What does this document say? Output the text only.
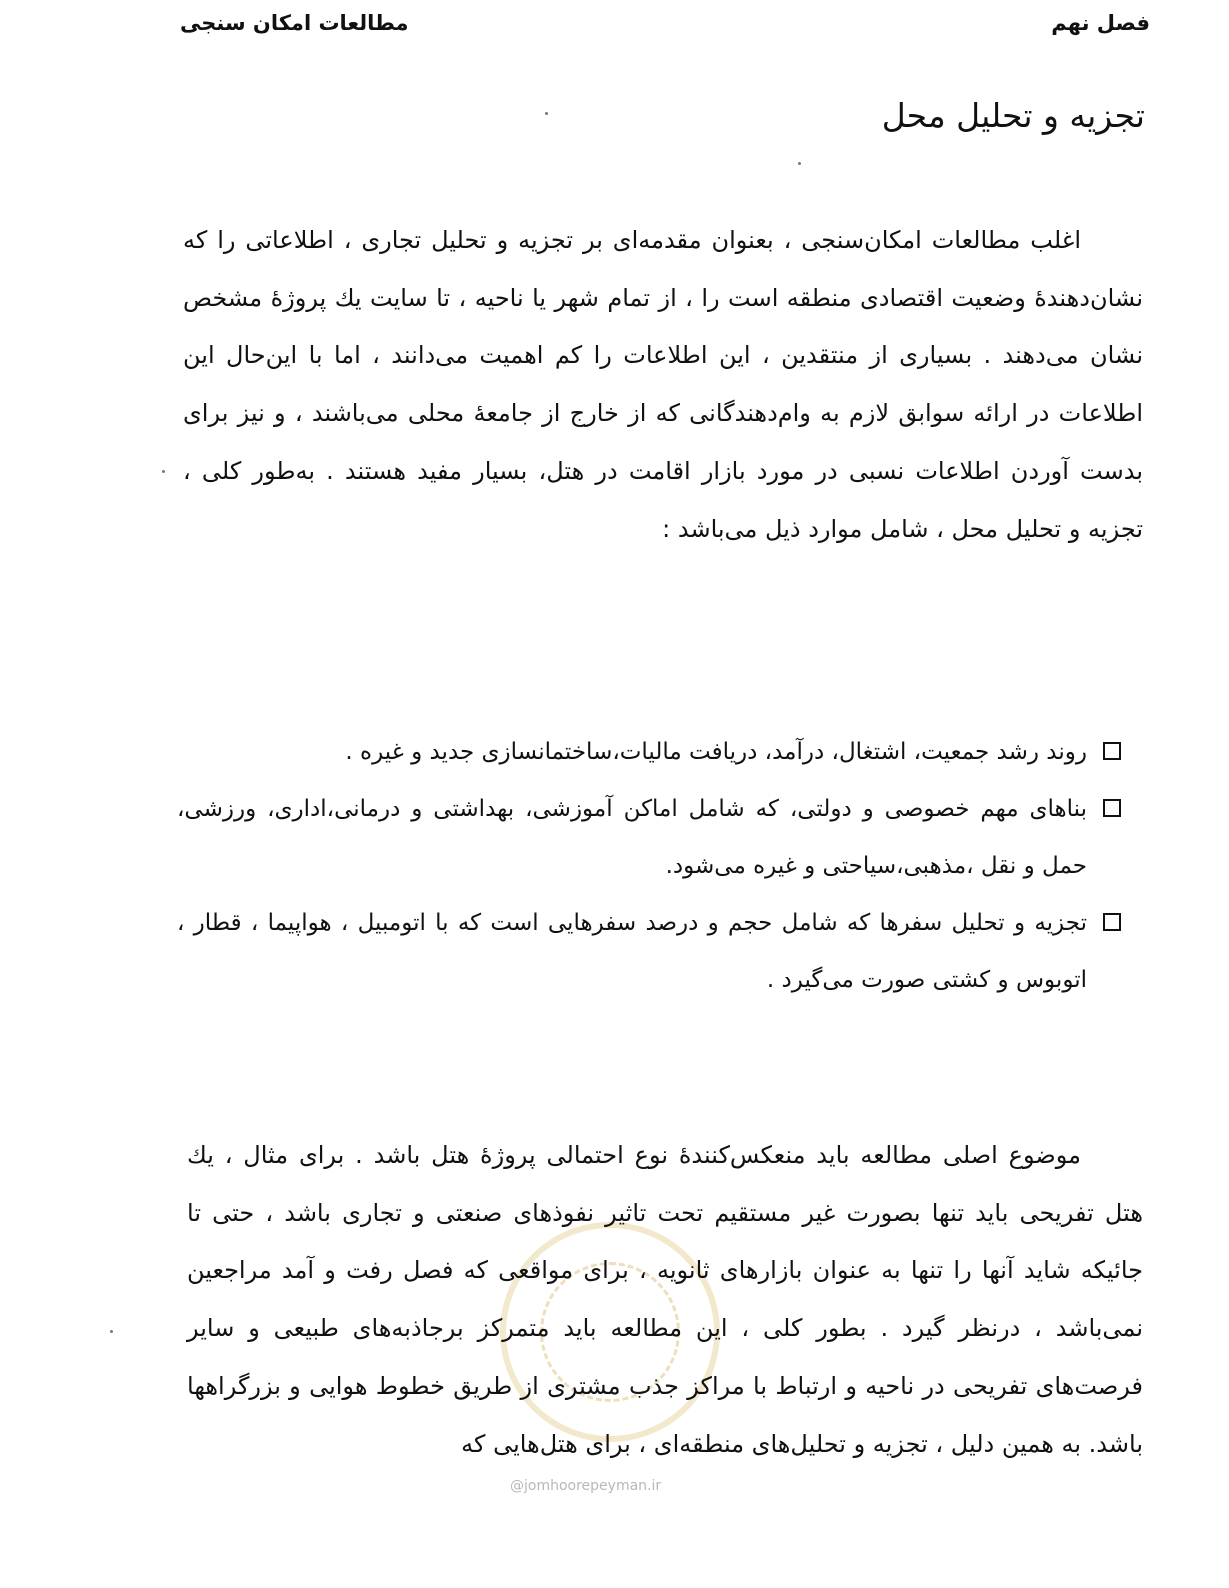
فصل نهم
مطالعات امکان سنجی
تجزیه و تحلیل محل
اغلب مطالعات امکان‌سنجی ، بعنوان مقدمه‌ای بر تجزیه و تحلیل تجاری ، اطلاعاتی را که نشان‌دهندهٔ وضعیت اقتصادی منطقه است را ، از تمام شهر یا ناحیه ، تا سایت یك پروژهٔ مشخص نشان می‌دهند . بسیاری از منتقدین ، این اطلاعات را کم اهمیت می‌دانند ، اما با این‌حال این اطلاعات در ارائه سوابق لازم به وام‌دهندگانی که از خارج از جامعهٔ محلی می‌باشند ، و نیز برای بدست آوردن اطلاعات نسبی در مورد بازار اقامت در هتل، بسیار مفید هستند . به‌طور کلی ، تجزیه و تحلیل محل ، شامل موارد ذیل می‌باشد :
روند رشد جمعیت، اشتغال، درآمد، دریافت مالیات،ساختمانسازی جدید و غیره .
بناهای مهم خصوصی و دولتی، که شامل اماکن آموزشی، بهداشتی و درمانی،اداری، ورزشی، حمل و نقل ،مذهبی،سیاحتی و غیره می‌شود.
تجزیه و تحلیل سفرها که شامل حجم و درصد سفرهایی است که با اتومبیل ، هواپیما ، قطار ، اتوبوس و کشتی صورت می‌گیرد .
موضوع اصلی مطالعه باید منعکس‌کنندهٔ نوع احتمالی پروژهٔ هتل باشد . برای مثال ، یك هتل تفریحی باید تنها بصورت غیر مستقیم تحت تاثیر نفوذهای صنعتی و تجاری باشد ، حتی تا جائیکه شاید آنها را تنها به عنوان بازارهای ثانویه ، برای مواقعی که فصل رفت و آمد مراجعین نمی‌باشد ، درنظر گیرد . بطور کلی ، این مطالعه باید متمرکز برجاذبه‌های طبیعی و سایر فرصت‌های تفریحی در ناحیه و ارتباط با مراکز جذب مشتری از طریق خطوط هوایی و بزرگراهها باشد. به همین دلیل ، تجزیه و تحلیل‌های منطقه‌ای ، برای هتل‌هایی که
@jomhoorepeyman.ir
